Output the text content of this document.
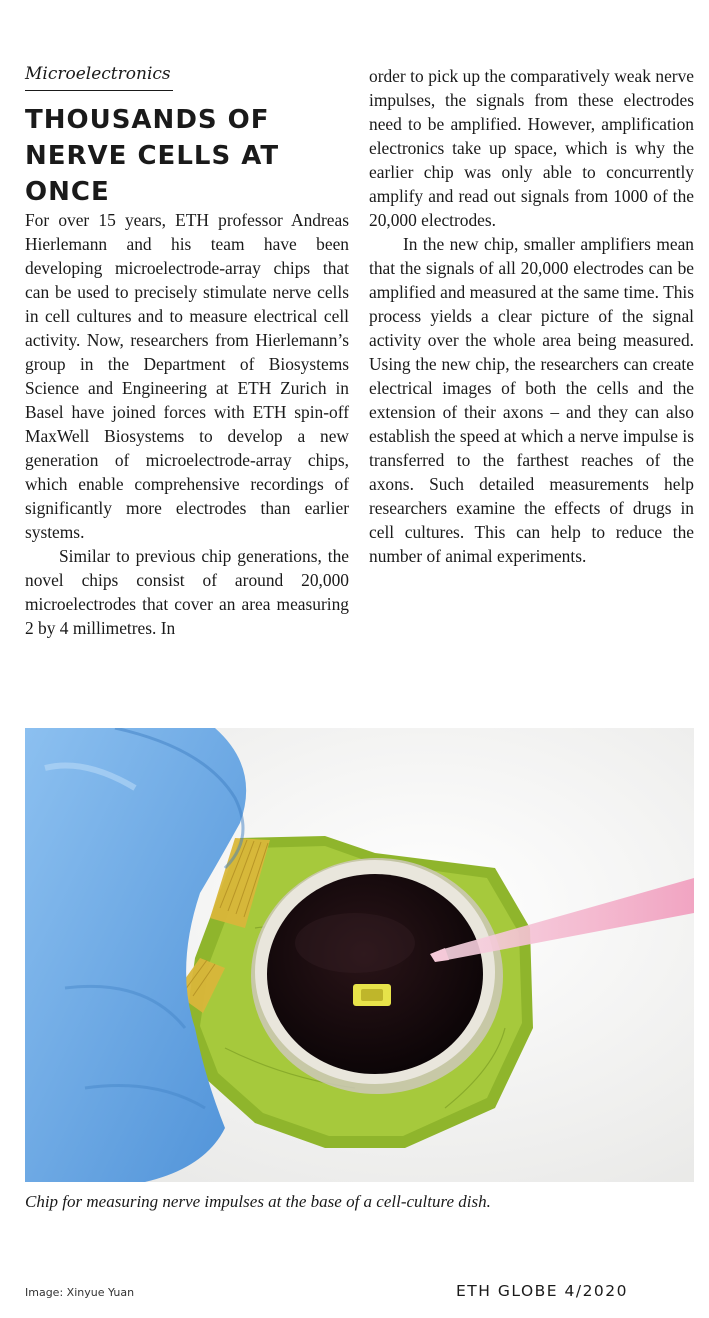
Microelectronics
THOUSANDS OF NERVE CELLS AT ONCE

For over 15 years, ETH professor Andreas Hierlemann and his team have been developing microelectrode-array chips that can be used to precisely stimulate nerve cells in cell cultures and to measure electrical cell activity. Now, researchers from Hierlemann’s group in the Department of Biosystems Science and Engineering at ETH Zurich in Basel have joined forces with ETH spin-off MaxWell Biosystems to develop a new generation of microelectrode-array chips, which enable comprehensive recordings of significantly more electrodes than earlier systems.

Similar to previous chip generations, the novel chips consist of around 20,000 microelectrodes that cover an area measuring 2 by 4 millimetres. In

order to pick up the comparatively weak nerve impulses, the signals from these electrodes need to be amplified. However, amplification electronics take up space, which is why the earlier chip was only able to concurrently amplify and read out signals from 1000 of the 20,000 electrodes.

In the new chip, smaller amplifiers mean that the signals of all 20,000 electrodes can be amplified and measured at the same time. This process yields a clear picture of the signal activity over the whole area being measured. Using the new chip, the researchers can create electrical images of both the cells and the extension of their axons – and they can also establish the speed at which a nerve impulse is transferred to the farthest reaches of the axons. Such detailed measurements help researchers examine the effects of drugs in cell cultures. This can help to reduce the number of animal experiments.

Chip for measuring nerve impulses at the base of a cell-culture dish.
Image: Xinyue Yuan	ETH GLOBE 4/2020
